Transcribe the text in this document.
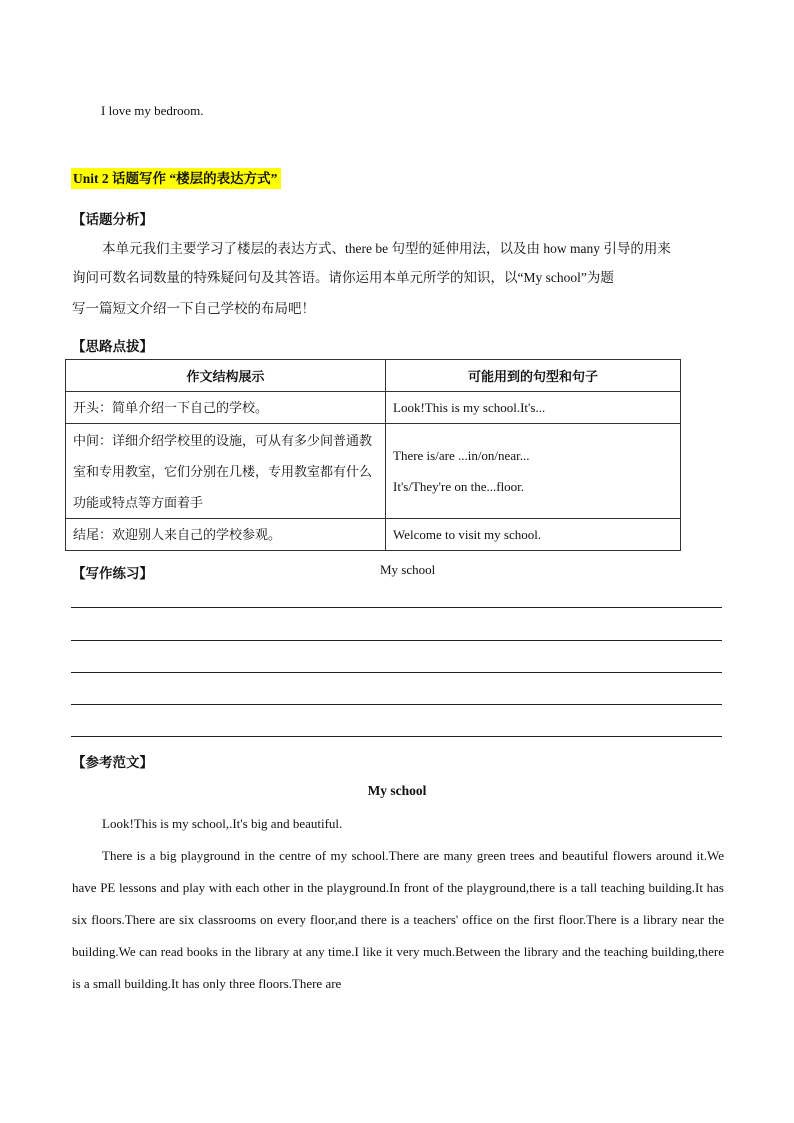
I love my bedroom.
Unit 2 话题写作 “楼层的表达方式”
【话题分析】

本单元我们主要学习了楼层的表达方式、there be 句型的延伸用法，以及由 how many 引导的用来

询问可数名词数量的特殊疑问句及其答语。请你运用本单元所学的知识，以“My school”为题

写一篇短文介绍一下自己学校的布局吧！

【思路点拔】
作文结构展示	可能用到的句型和句子
开头：简单介绍一下自己的学校。	Look!This is my school.It's...

中间：详细介绍学校里的设施，可从有多少间普通教室和专用教室，它们分别在几楼，专用教室都有什么功能或特点等方面着手	There is/are ...in/on/near...
It's/They're on the...floor.

结尾：欢迎别人来自己的学校参观。	Welcome to visit my school.
【写作练习】	My school
【参考范文】
My school

Look!This is my school,.It's big and beautiful.

There is a big playground in the centre of my school.There are many green trees and beautiful flowers around it.We have PE lessons and play with each other in the playground.In front of the playground,there is a tall teaching building.It has six floors.There are six classrooms on every floor,and there is a teachers' office on the first floor.There is a library near the building.We can read books in the library at any time.I like it very much.Between the library and the teaching building,there is a small building.It has only three floors.There are
